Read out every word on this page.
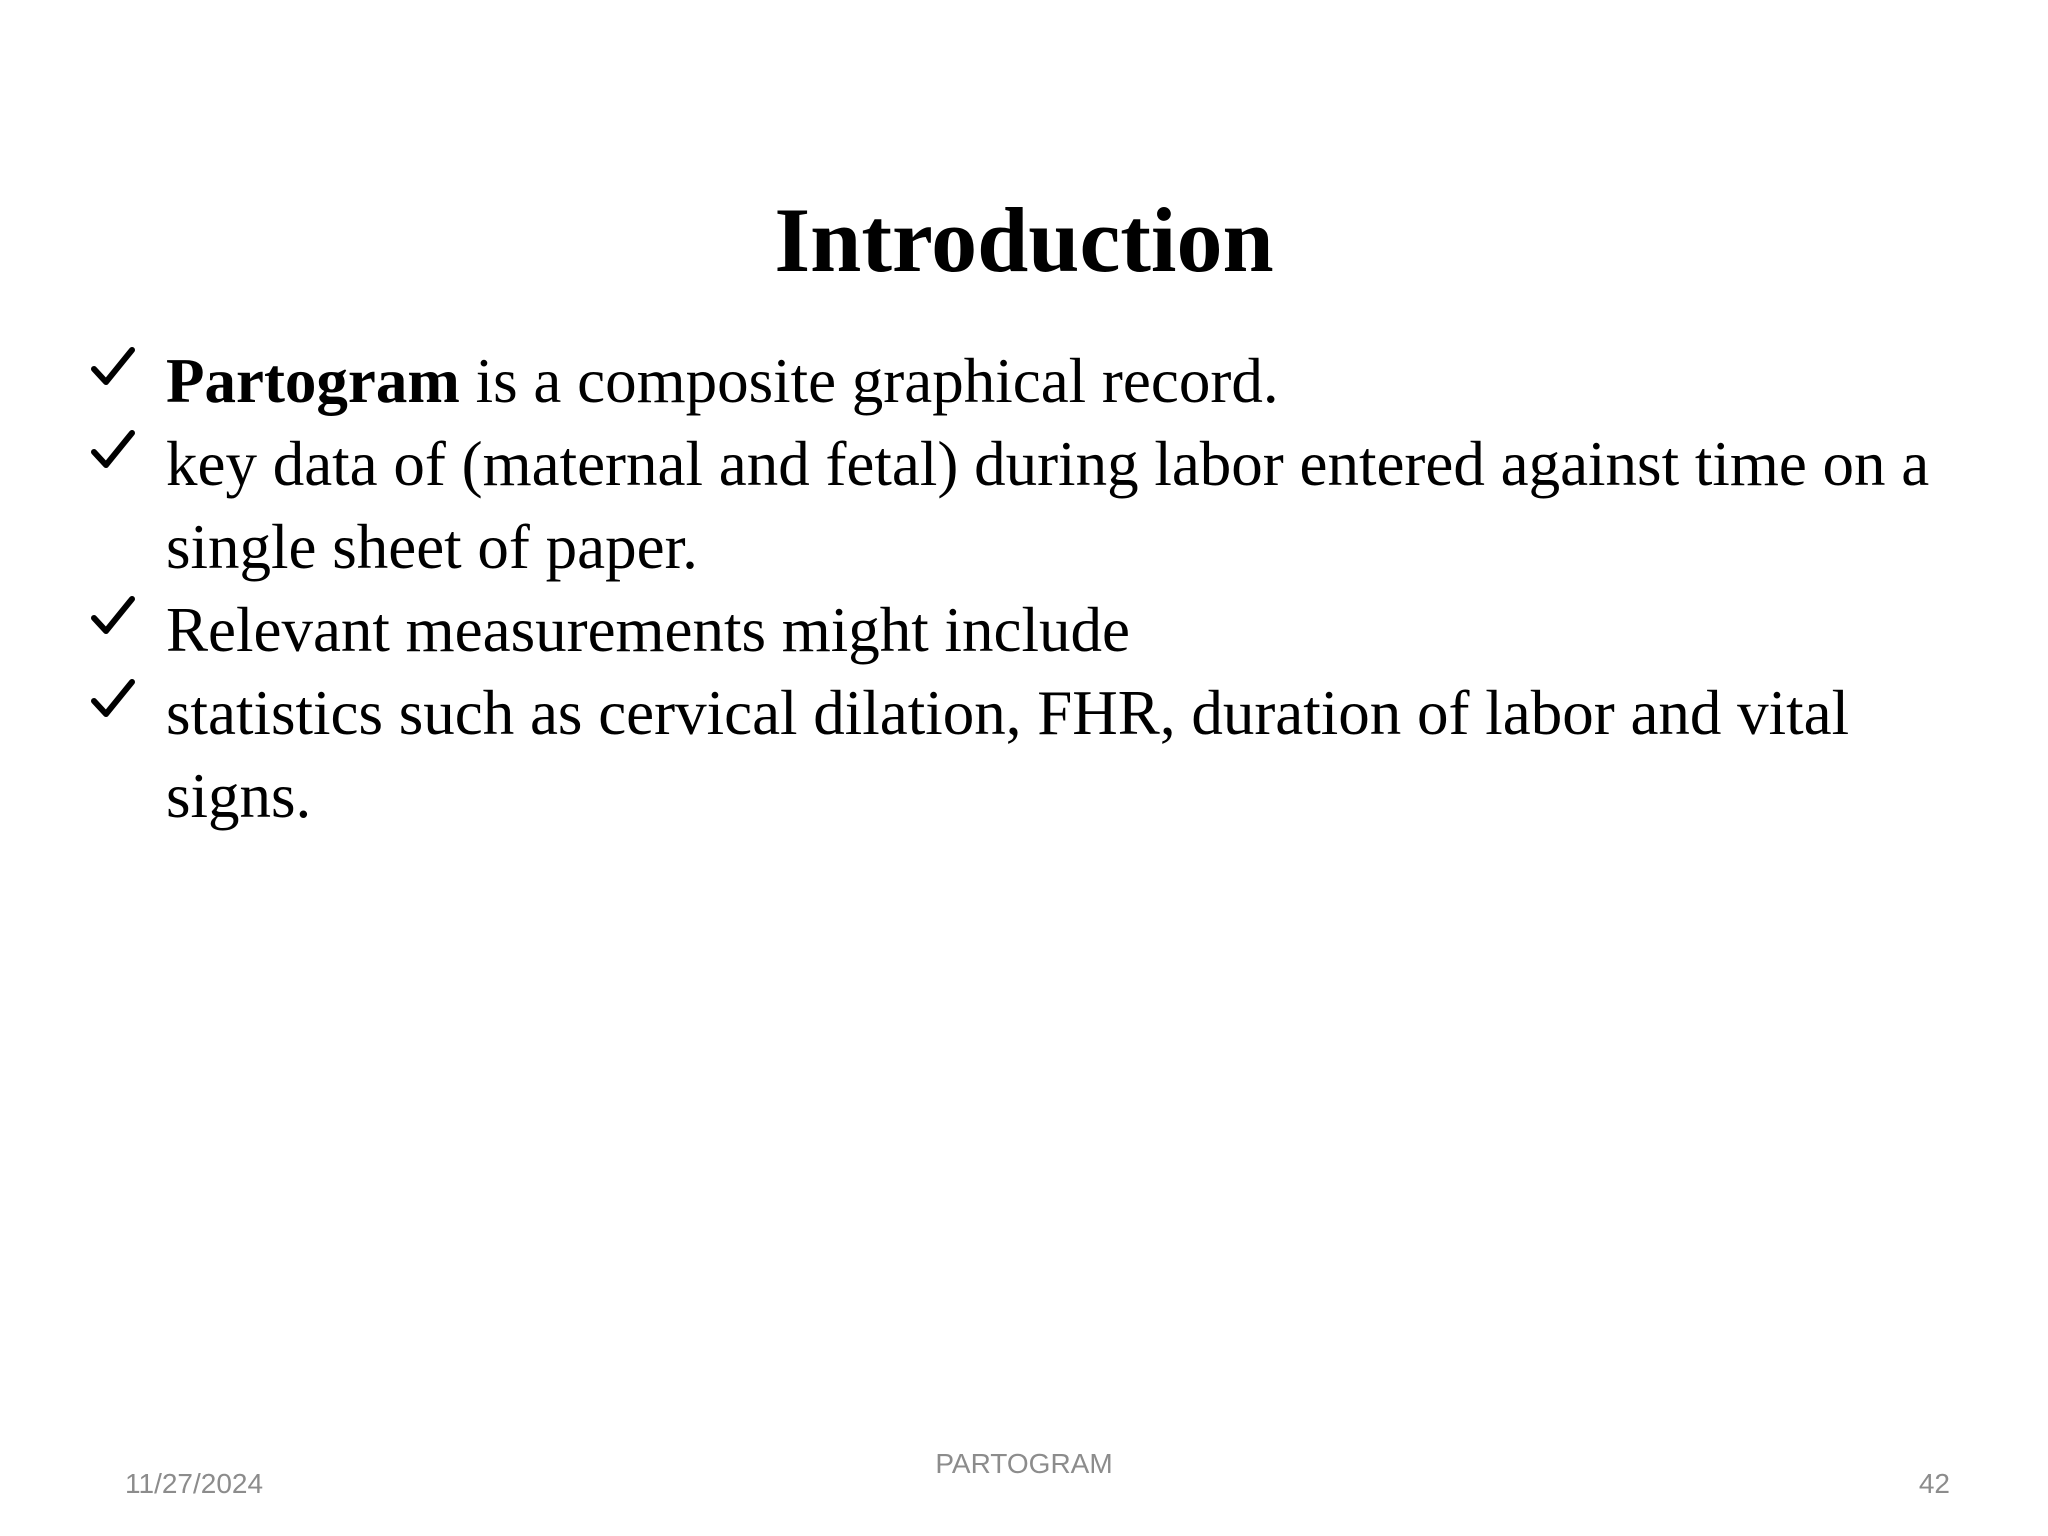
Introduction
Partogram is a composite graphical record.
key data of (maternal and fetal) during labor entered against time on a single sheet of paper.
Relevant measurements might include
statistics such as cervical dilation, FHR, duration of labor and vital signs.
11/27/2024
PARTOGRAM
42
